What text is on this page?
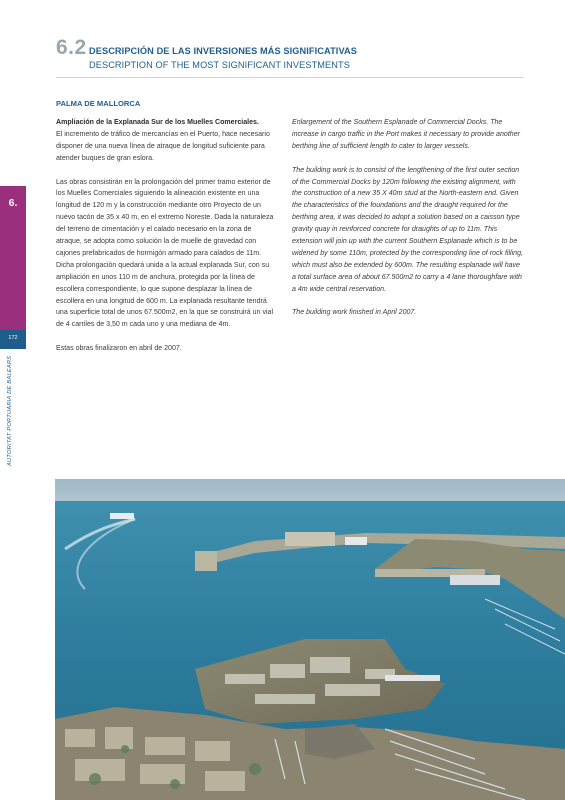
6.2 DESCRIPCIÓN DE LAS INVERSIONES MÁS SIGNIFICATIVAS
DESCRIPTION OF THE MOST SIGNIFICANT INVESTMENTS
PALMA DE MALLORCA

Ampliación de la Explanada Sur de los Muelles Comerciales.
El incremento de tráfico de mercancías en el Puerto, hace necesario disponer de una nueva línea de atraque de longitud suficiente para atender buques de gran eslora.

Las obras consistirán en la prolongación del primer tramo exterior de los Muelles Comerciales siguiendo la alineación existente en una longitud de 120 m y la construcción mediante otro Proyecto de un nuevo tacón de 35 x 40 m, en el extremo Noreste. Dada la naturaleza del terreno de cimentación y el calado necesario en la zona de atraque, se adopta como solución la de muelle de gravedad con cajones prefabricados de hormigón armado para calados de 11m. Dicha prolongación quedará unida a la actual explanada Sur, con su ampliación en unos 110 m de anchura, protegida por la línea de escollera correspondiente, lo que supone desplazar la línea de escollera en una longitud de 600 m. La explanada resultante tendrá una superficie total de unos 67.500m2, en la que se construirá un vial de 4 carriles de 3,50 m cada uno y una mediana de 4m.

Estas obras finalizaron en abril de 2007.

Enlargement of the Southern Esplanade of Commercial Docks. The increase in cargo traffic in the Port makes it necessary to provide another berthing line of sufficient length to cater to larger vessels.

The building work is to consist of the lengthening of the first outer section of the Commercial Docks by 120m following the existing alignment, with the construction of a new 35 X 40m stud at the North-eastern end. Given the characteristics of the foundations and the draught required for the berthing area, it was decided to adopt a solution based on a caisson type gravity quay in reinforced concrete for draughts of up to 11m. This extension will join up with the current Southern Esplanade which is to be widened by some 110m, protected by the corresponding line of rock filling, which must also be extended by 600m. The resulting esplanade will have a total surface area of about 67.500m2 to carry a 4 lane thoroughfare with a 4m wide central reservation.

The building work finished in April 2007.

6.
172
AUTORITAT PORTUÀRIA DE BALEARS
